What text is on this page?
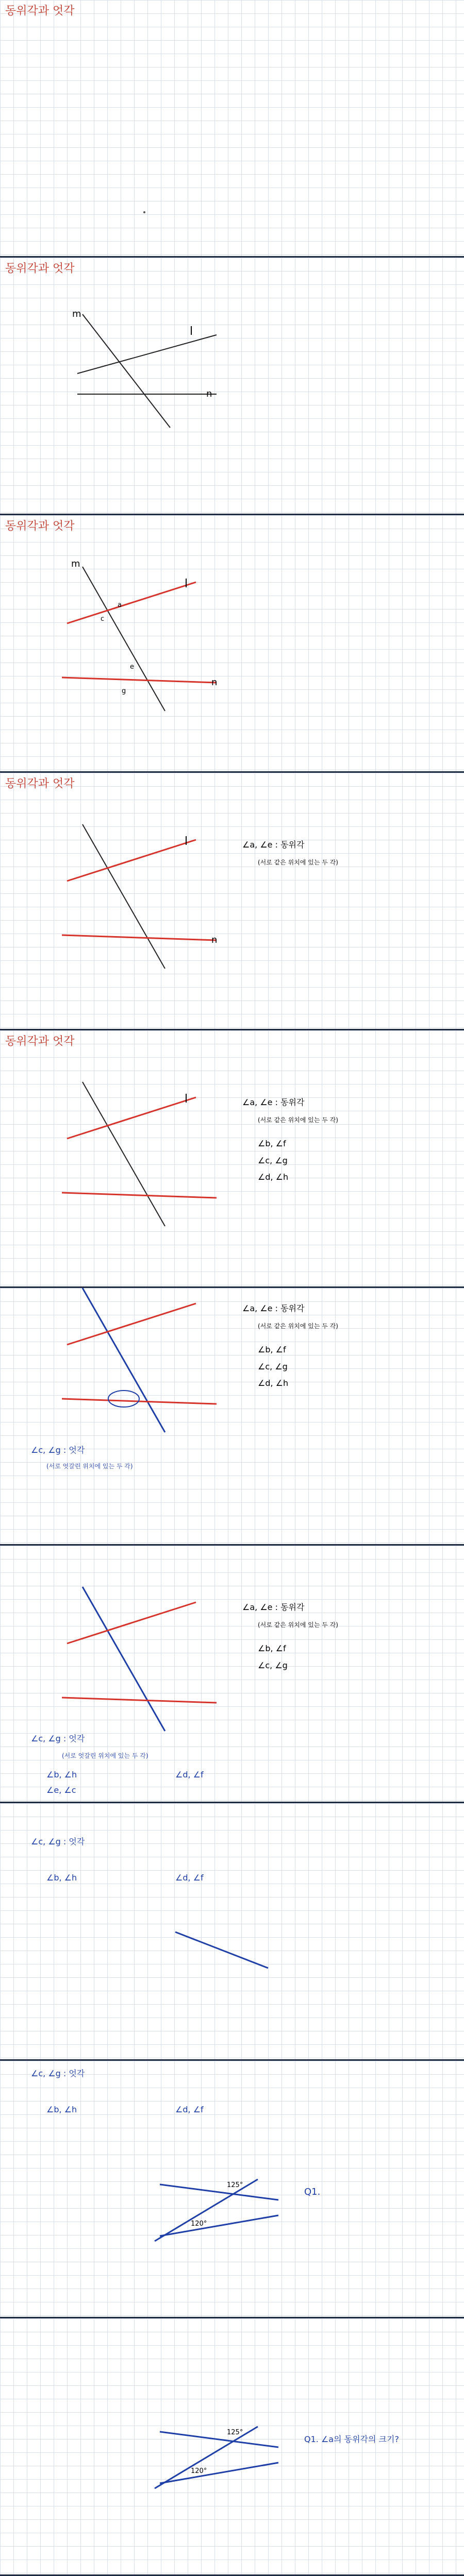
동위각과 엇각
동위각과 엇각
m
l
n
동위각과 엇각
m
l
n
a
c
e
g
동위각과 엇각
l
n
∠a, ∠e : 동위각
(서로 같은 위치에 있는 두 각)
동위각과 엇각
l	∠a, ∠e : 동위각
(서로 같은 위치에 있는 두 각)
∠b, ∠f
∠c, ∠g
∠d, ∠h
∠a, ∠e : 동위각
(서로 같은 위치에 있는 두 각)
∠b, ∠f
∠c, ∠g
∠d, ∠h
∠c, ∠g : 엇각
(서로 엇갈린 위치에 있는 두 각)
∠a, ∠e : 동위각
(서로 같은 위치에 있는 두 각)
∠b, ∠f
∠c, ∠g
∠c, ∠g : 엇각
(서로 엇갈린 위치에 있는 두 각)
∠b, ∠h	∠d, ∠f
∠e, ∠c
∠c, ∠g : 엇각
∠b, ∠h	∠d, ∠f
∠c, ∠g : 엇각
∠b, ∠h	∠d, ∠f
125°
120°
Q1.
125°
120°
Q1. ∠a의 동위각의 크기?
